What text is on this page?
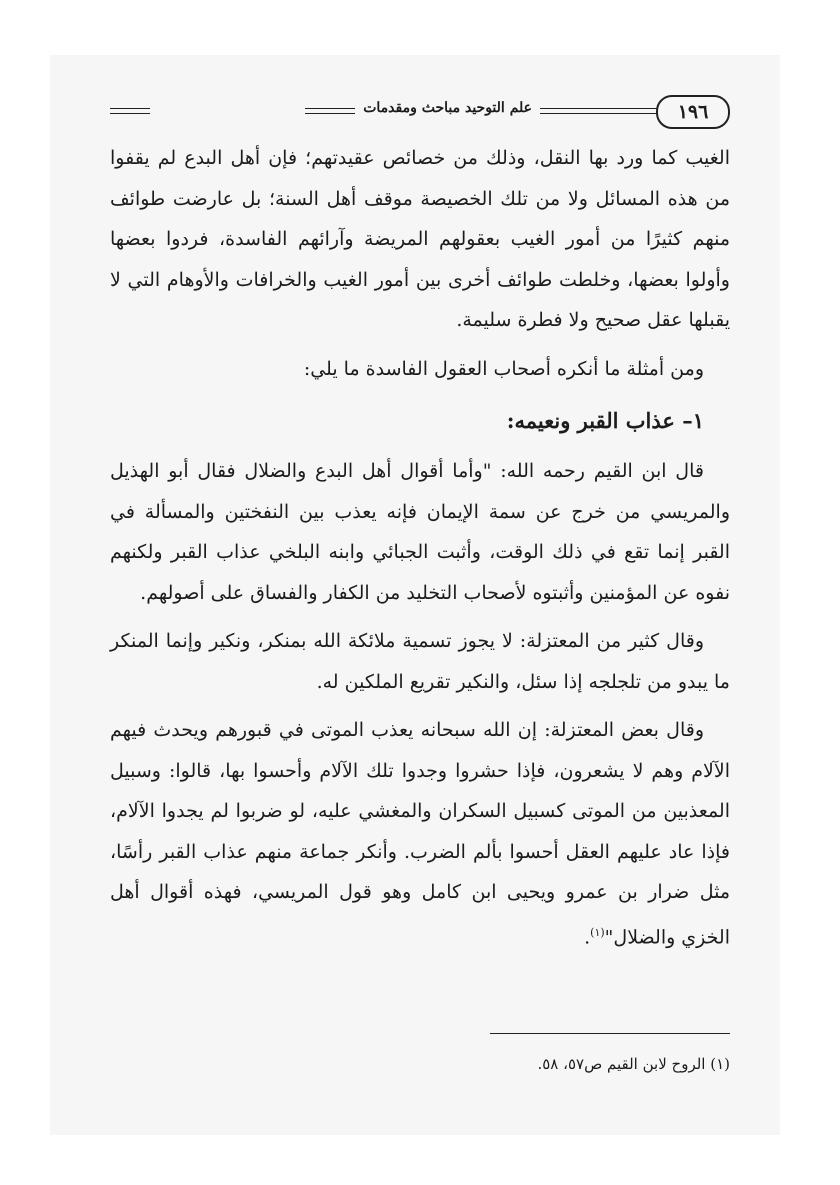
علم التوحيد مباحث ومقدمات	١٩٦

الغيب كما ورد بها النقل، وذلك من خصائص عقيدتهم؛ فإن أهل البدع لم يقفوا من هذه المسائل ولا من تلك الخصيصة موقف أهل السنة؛ بل عارضت طوائف منهم كثيرًا من أمور الغيب بعقولهم المريضة وآرائهم الفاسدة، فردوا بعضها وأولوا بعضها، وخلطت طوائف أخرى بين أمور الغيب والخرافات والأوهام التي لا يقبلها عقل صحيح ولا فطرة سليمة.

ومن أمثلة ما أنكره أصحاب العقول الفاسدة ما يلي:

١– عذاب القبر ونعيمه:

قال ابن القيم رحمه الله: "وأما أقوال أهل البدع والضلال فقال أبو الهذيل والمريسي من خرج عن سمة الإيمان فإنه يعذب بين النفختين والمسألة في القبر إنما تقع في ذلك الوقت، وأثبت الجبائي وابنه البلخي عذاب القبر ولكنهم نفوه عن المؤمنين وأثبتوه لأصحاب التخليد من الكفار والفساق على أصولهم.

وقال كثير من المعتزلة: لا يجوز تسمية ملائكة الله بمنكر، ونكير وإنما المنكر ما يبدو من تلجلجه إذا سئل، والنكير تقريع الملكين له.

وقال بعض المعتزلة: إن الله سبحانه يعذب الموتى في قبورهم ويحدث فيهم الآلام وهم لا يشعرون، فإذا حشروا وجدوا تلك الآلام وأحسوا بها، قالوا: وسبيل المعذبين من الموتى كسبيل السكران والمغشي عليه، لو ضربوا لم يجدوا الآلام، فإذا عاد عليهم العقل أحسوا بألم الضرب. وأنكر جماعة منهم عذاب القبر رأسًا، مثل ضرار بن عمرو ويحيى ابن كامل وهو قول المريسي، فهذه أقوال أهل الخزي والضلال"$^{(١)}$.

(١) الروح لابن القيم ص٥٧، ٥٨.
